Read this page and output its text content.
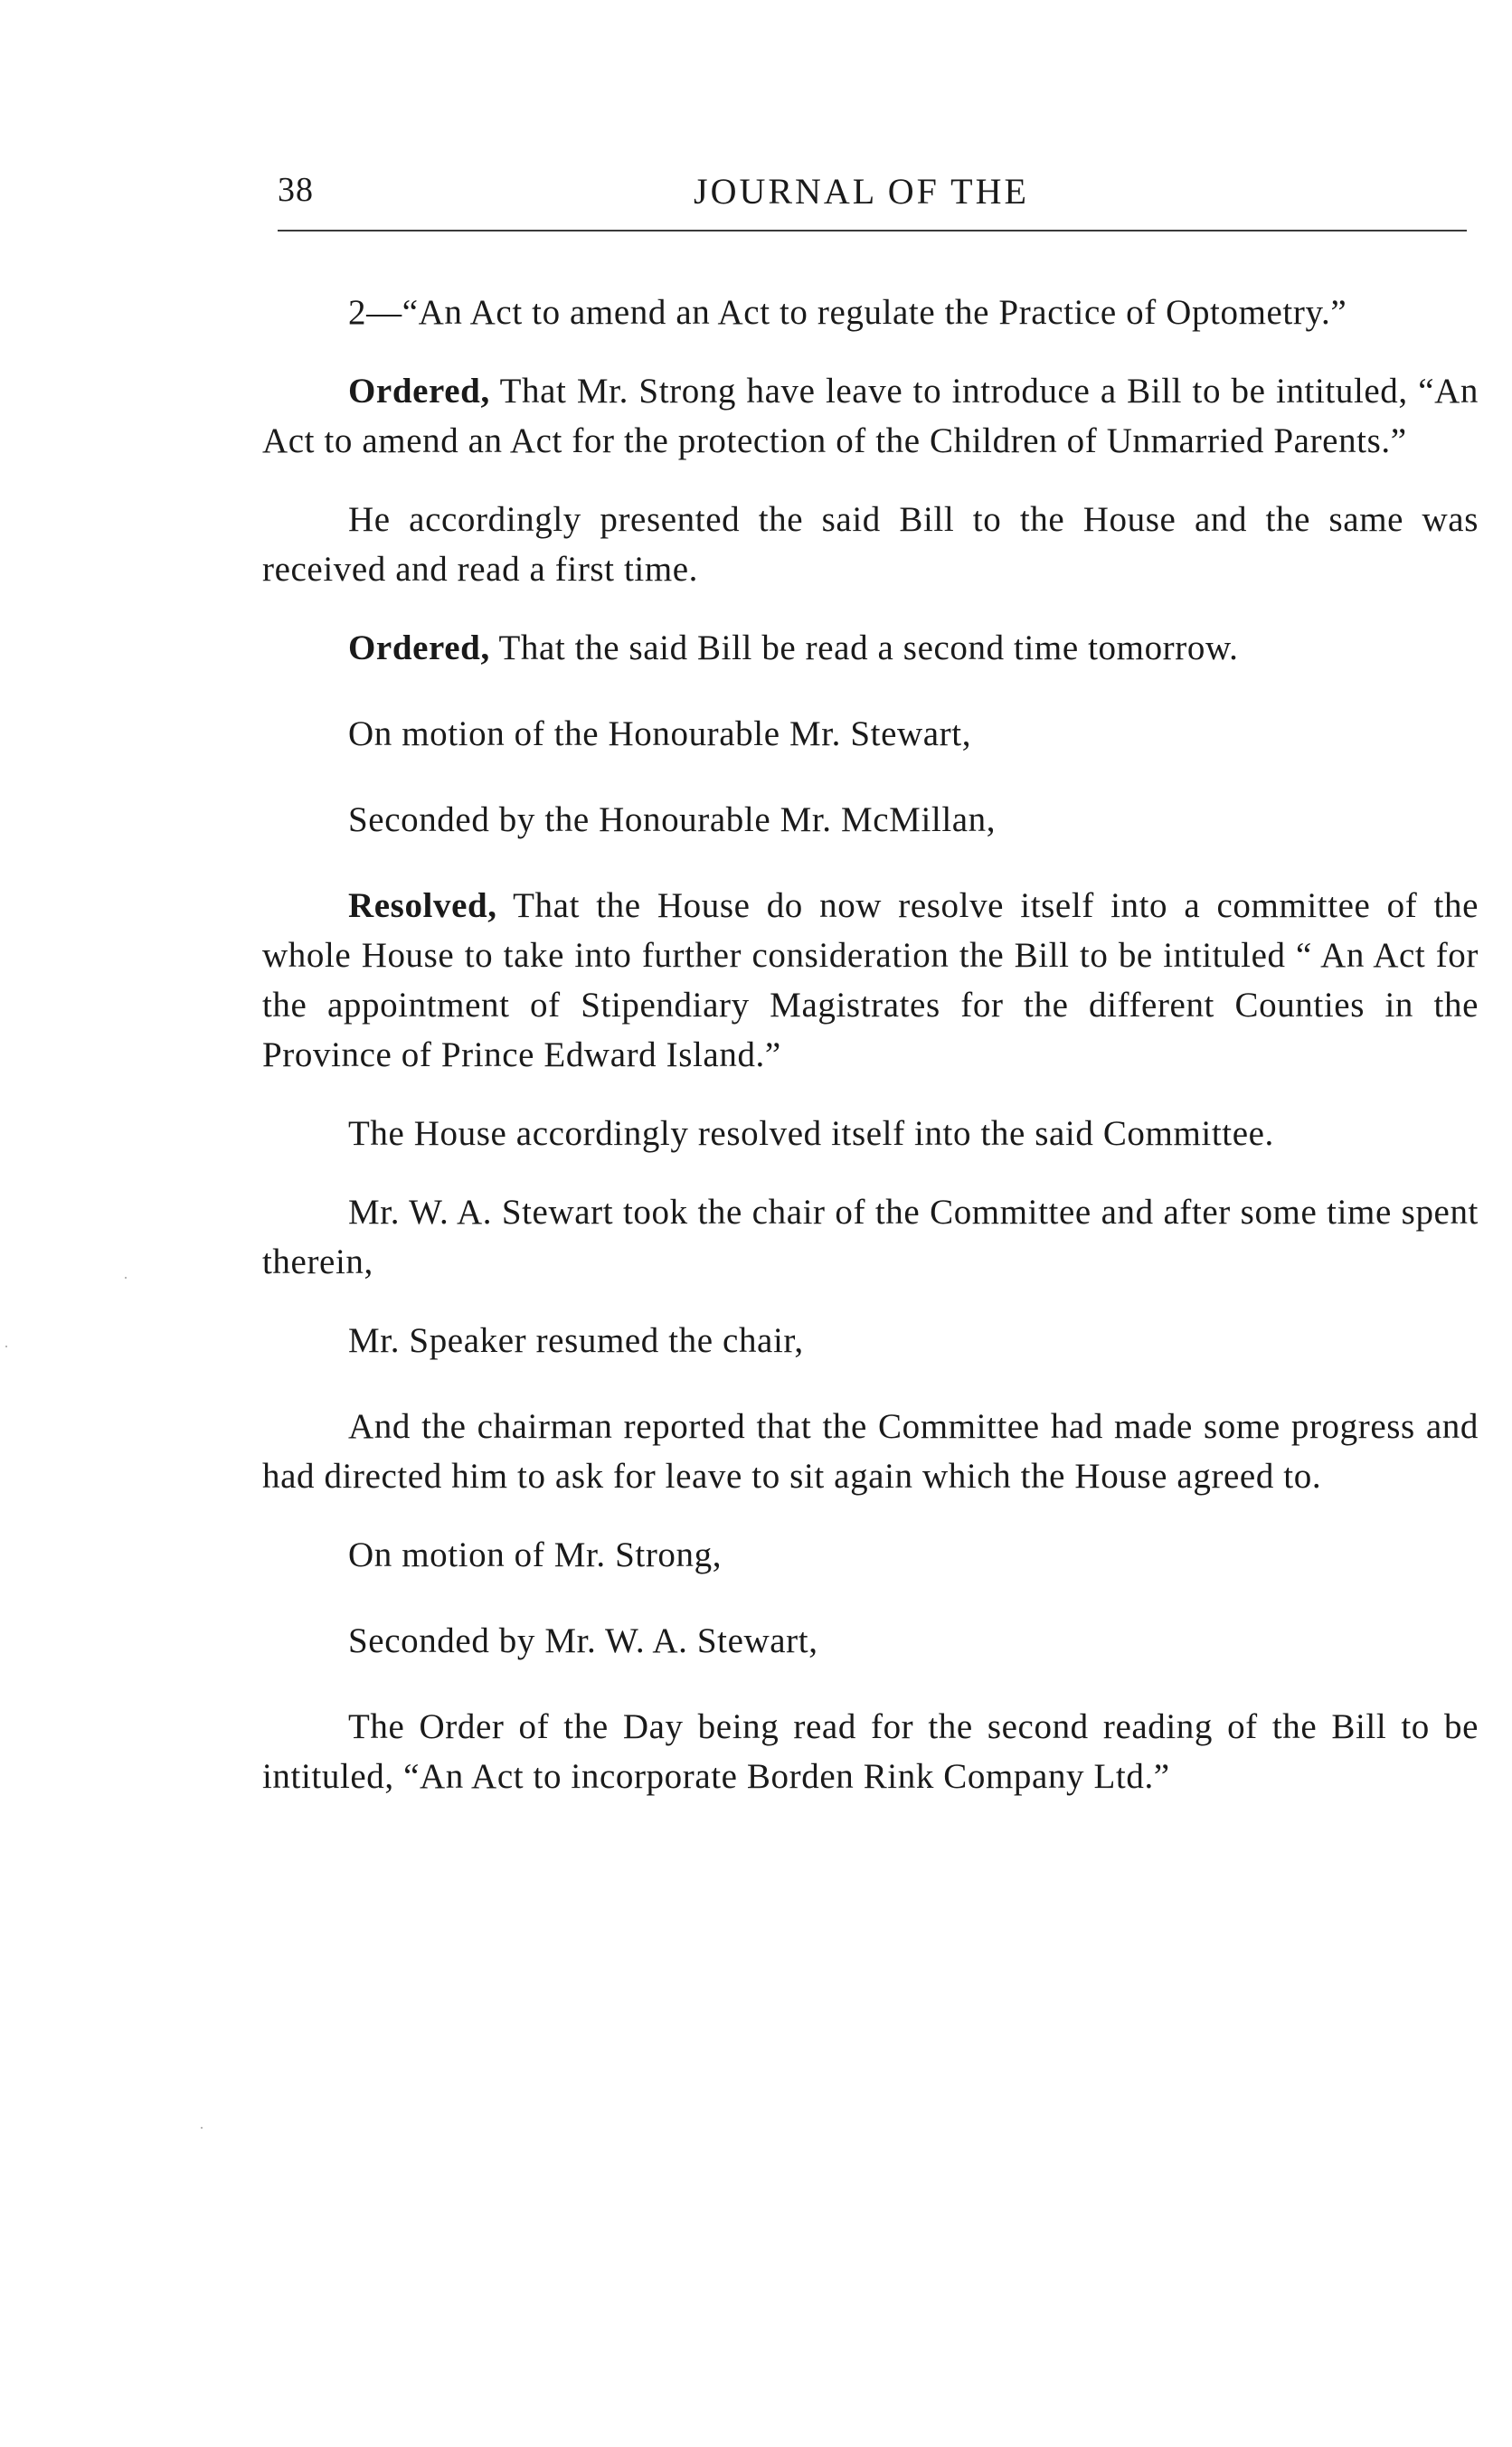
38	JOURNAL OF THE

2—“An Act to amend an Act to regulate the Practice of Optometry.”

Ordered, That Mr. Strong have leave to introduce a Bill to be intituled, “An Act to amend an Act for the protection of the Children of Unmarried Parents.”

He accordingly presented the said Bill to the House and the same was received and read a first time.

Ordered, That the said Bill be read a second time tomorrow.

On motion of the Honourable Mr. Stewart,

Seconded by the Honourable Mr. McMillan,

Resolved, That the House do now resolve itself into a committee of the whole House to take into further consideration the Bill to be intituled “ An Act for the appointment of Stipendiary Magistrates for the different Counties in the Province of Prince Edward Island.”

The House accordingly resolved itself into the said Committee.

Mr. W. A. Stewart took the chair of the Committee and after some time spent therein,

Mr. Speaker resumed the chair,

And the chairman reported that the Committee had made some progress and had directed him to ask for leave to sit again which the House agreed to.

On motion of Mr. Strong,

Seconded by Mr. W. A. Stewart,

The Order of the Day being read for the second reading of the Bill to be intituled, “An Act to incorporate Borden Rink Company Ltd.”
